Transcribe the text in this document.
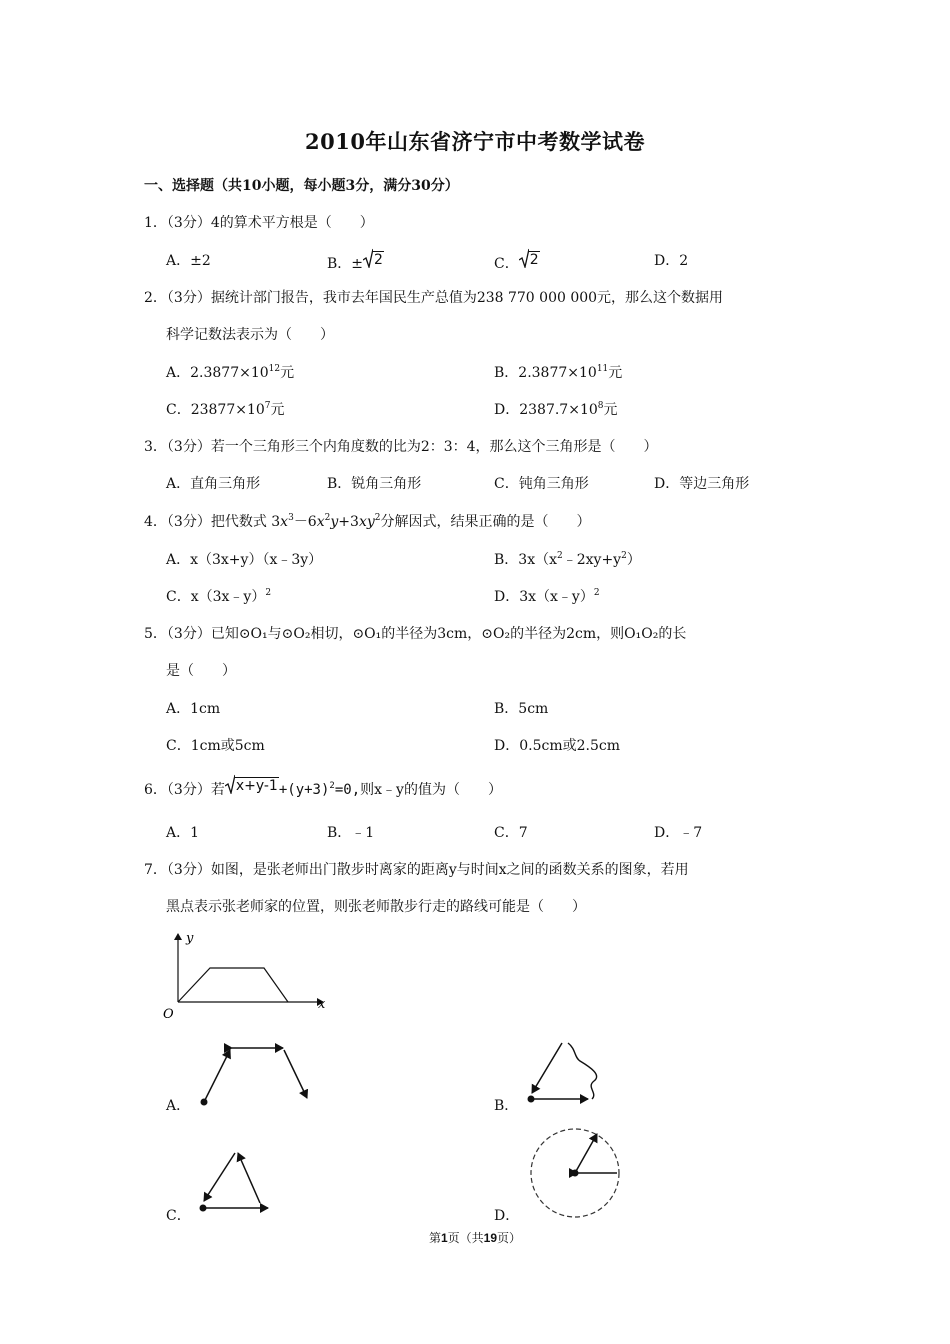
2010年山东省济宁市中考数学试卷
一、选择题（共10小题，每小题3分，满分30分）
1．（3分）4的算术平方根是（　　）
A．±2	B．± 2	C． 2	D．2
2．（3分）据统计部门报告，我市去年国民生产总值为238 770 000 000元，那么这个数据用
科学记数法表示为（　　）
A．$2.3877\times 10^{12}$元	B．$2.3877\times 10^{11}$元
C．$23877\times 10^7$元	D．$2387.7\times 10^8$元
3．（3分）若一个三角形三个内角度数的比为2：3：4，那么这个三角形是（　　）
A．直角三角形	B．锐角三角形	C．钝角三角形	D．等边三角形
4．（3分）把代数式 $3x^3-6x^2y+3xy^2$分解因式，结果正确的是（　　）
A．x（3x+y）（x﹣3y）	B．$3x(x^2﹣2xy+y^2)$
C．x（3x﹣y）$^2$	D．3x（x﹣y）$^2$
5．（3分）已知⊙O₁与⊙O₂相切，⊙O₁的半径为3cm，⊙O₂的半径为2cm，则O₁O₂的长
是（　　）
A．1cm	B．5cm
C．1cm或5cm	D．0.5cm或2.5cm
6．（3分）若 $x+y-1 +(y+3)^2=0$,则x﹣y的值为（　　）
A．1	B．﹣1	C．7	D．﹣7
7．（3分）如图，是张老师出门散步时离家的距离y与时间x之间的函数关系的图象，若用
黑点表示张老师家的位置，则张老师散步行走的路线可能是（　　）
y
x
O
A．	B．
C．	D．
第1页（共19页）
